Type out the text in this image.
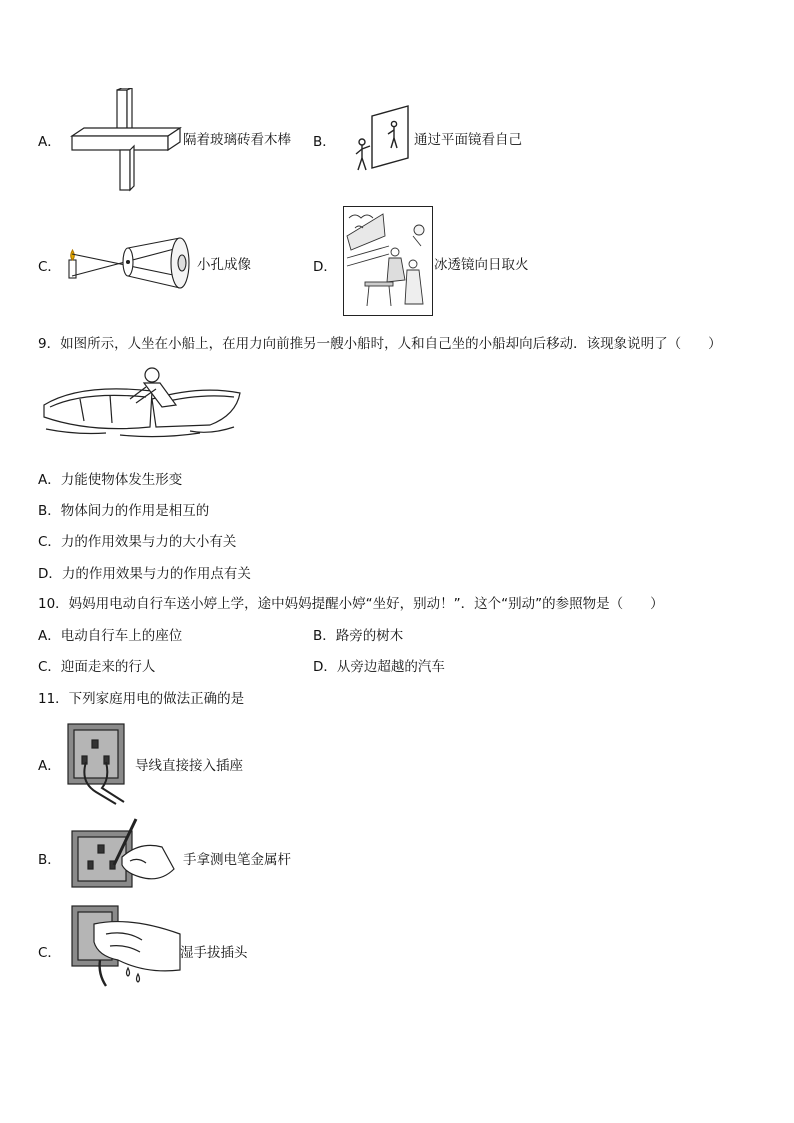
A．	隔着玻璃砖看木棒 B．	通过平面镜看自己
C．	小孔成像	D．	冰透镜向日取火
9．如图所示，人坐在小船上，在用力向前推另一艘小船时，人和自己坐的小船却向后移动．该现象说明了（　　）
A．力能使物体发生形变
B．物体间力的作用是相互的
C．力的作用效果与力的大小有关
D．力的作用效果与力的作用点有关
10．妈妈用电动自行车送小婷上学，途中妈妈提醒小婷“坐好，别动！”．这个“别动”的参照物是（　　）
A．电动自行车上的座位	B．路旁的树木
C．迎面走来的行人	D．从旁边超越的汽车
11．下列家庭用电的做法正确的是
A．	导线直接接入插座
B．	手拿测电笔金属杆
C．	湿手拔插头
